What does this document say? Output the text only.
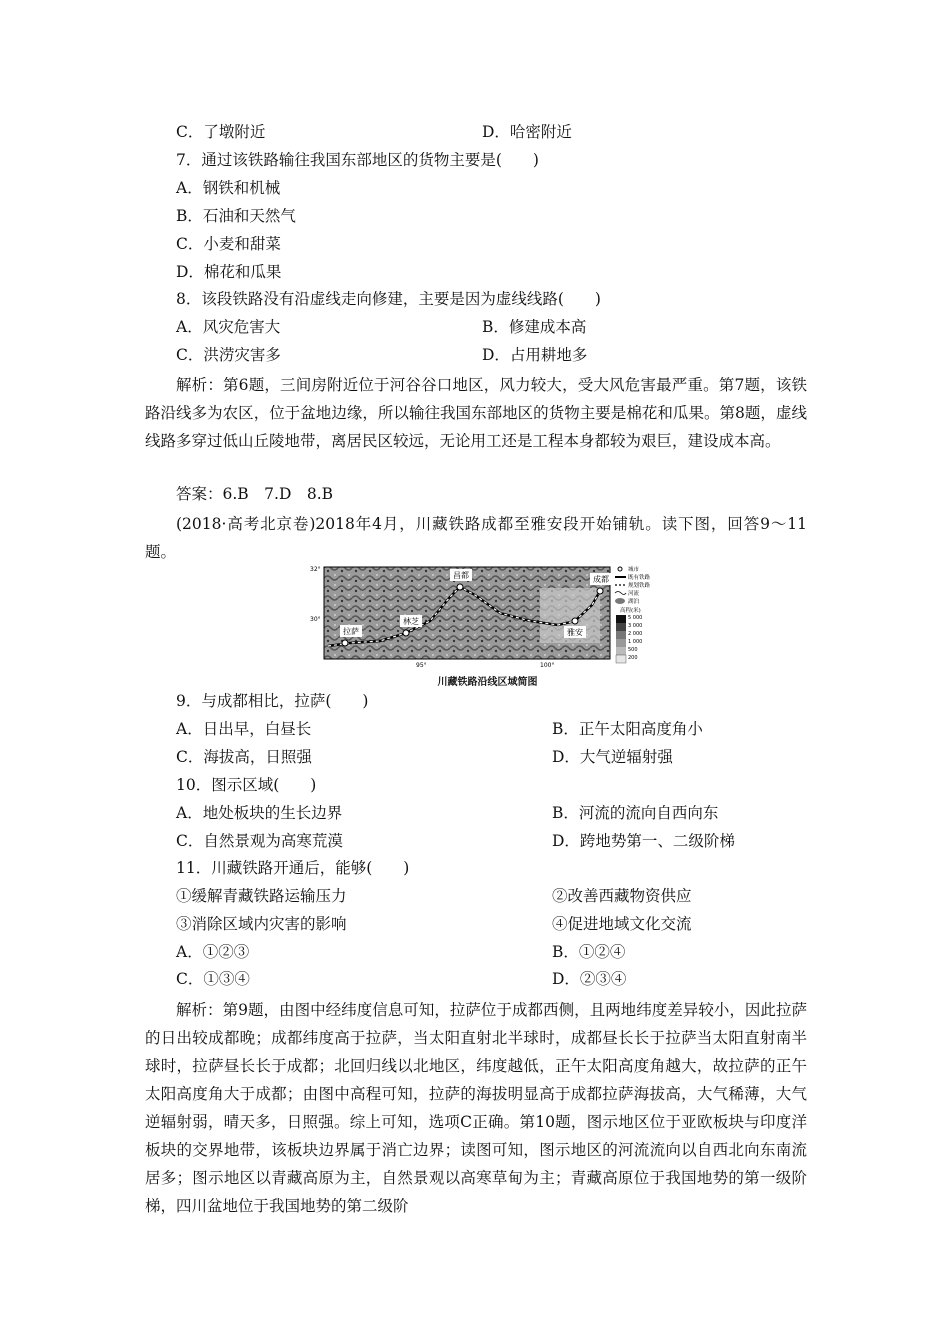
C．了墩附近	D．哈密附近
7．通过该铁路输往我国东部地区的货物主要是(　　)
A．钢铁和机械
B．石油和天然气
C．小麦和甜菜
D．棉花和瓜果
8．该段铁路没有沿虚线走向修建，主要是因为虚线线路(　　)
A．风灾危害大	B．修建成本高
C．洪涝灾害多	D．占用耕地多
解析：第6题，三间房附近位于河谷谷口地区，风力较大，受大风危害最严重。第7题，该铁路沿线多为农区，位于盆地边缘，所以输往我国东部地区的货物主要是棉花和瓜果。第8题，虚线线路多穿过低山丘陵地带，离居民区较远，无论用工还是工程本身都较为艰巨，建设成本高。
答案：6.B　7.D　8.B
(2018·高考北京卷)2018年4月，川藏铁路成都至雅安段开始铺轨。读下图，回答9～11题。
昌都	成都
拉萨
林芝
雅安
32°
30°
95°	100°
城市
既有铁路
规划铁路
河流
湖泊
高程(米)
5 000
3 000
2 000
1 000
500
200
川藏铁路沿线区域简图
9．与成都相比，拉萨(　　)
A．日出早，白昼长	B．正午太阳高度角小
C．海拔高，日照强	D．大气逆辐射强
10．图示区域(　　)
A．地处板块的生长边界	B．河流的流向自西向东
C．自然景观为高寒荒漠	D．跨地势第一、二级阶梯
11．川藏铁路开通后，能够(　　)
①缓解青藏铁路运输压力	②改善西藏物资供应
③消除区域内灾害的影响	④促进地域文化交流
A．①②③	B．①②④
C．①③④	D．②③④
解析：第9题，由图中经纬度信息可知，拉萨位于成都西侧，且两地纬度差异较小，因此拉萨的日出较成都晚；成都纬度高于拉萨，当太阳直射北半球时，成都昼长长于拉萨当太阳直射南半球时，拉萨昼长长于成都；北回归线以北地区，纬度越低，正午太阳高度角越大，故拉萨的正午太阳高度角大于成都；由图中高程可知，拉萨的海拔明显高于成都拉萨海拔高，大气稀薄，大气逆辐射弱，晴天多，日照强。综上可知，选项C正确。第10题，图示地区位于亚欧板块与印度洋板块的交界地带，该板块边界属于消亡边界；读图可知，图示地区的河流流向以自西北向东南流居多；图示地区以青藏高原为主，自然景观以高寒草甸为主；青藏高原位于我国地势的第一级阶梯，四川盆地位于我国地势的第二级阶
